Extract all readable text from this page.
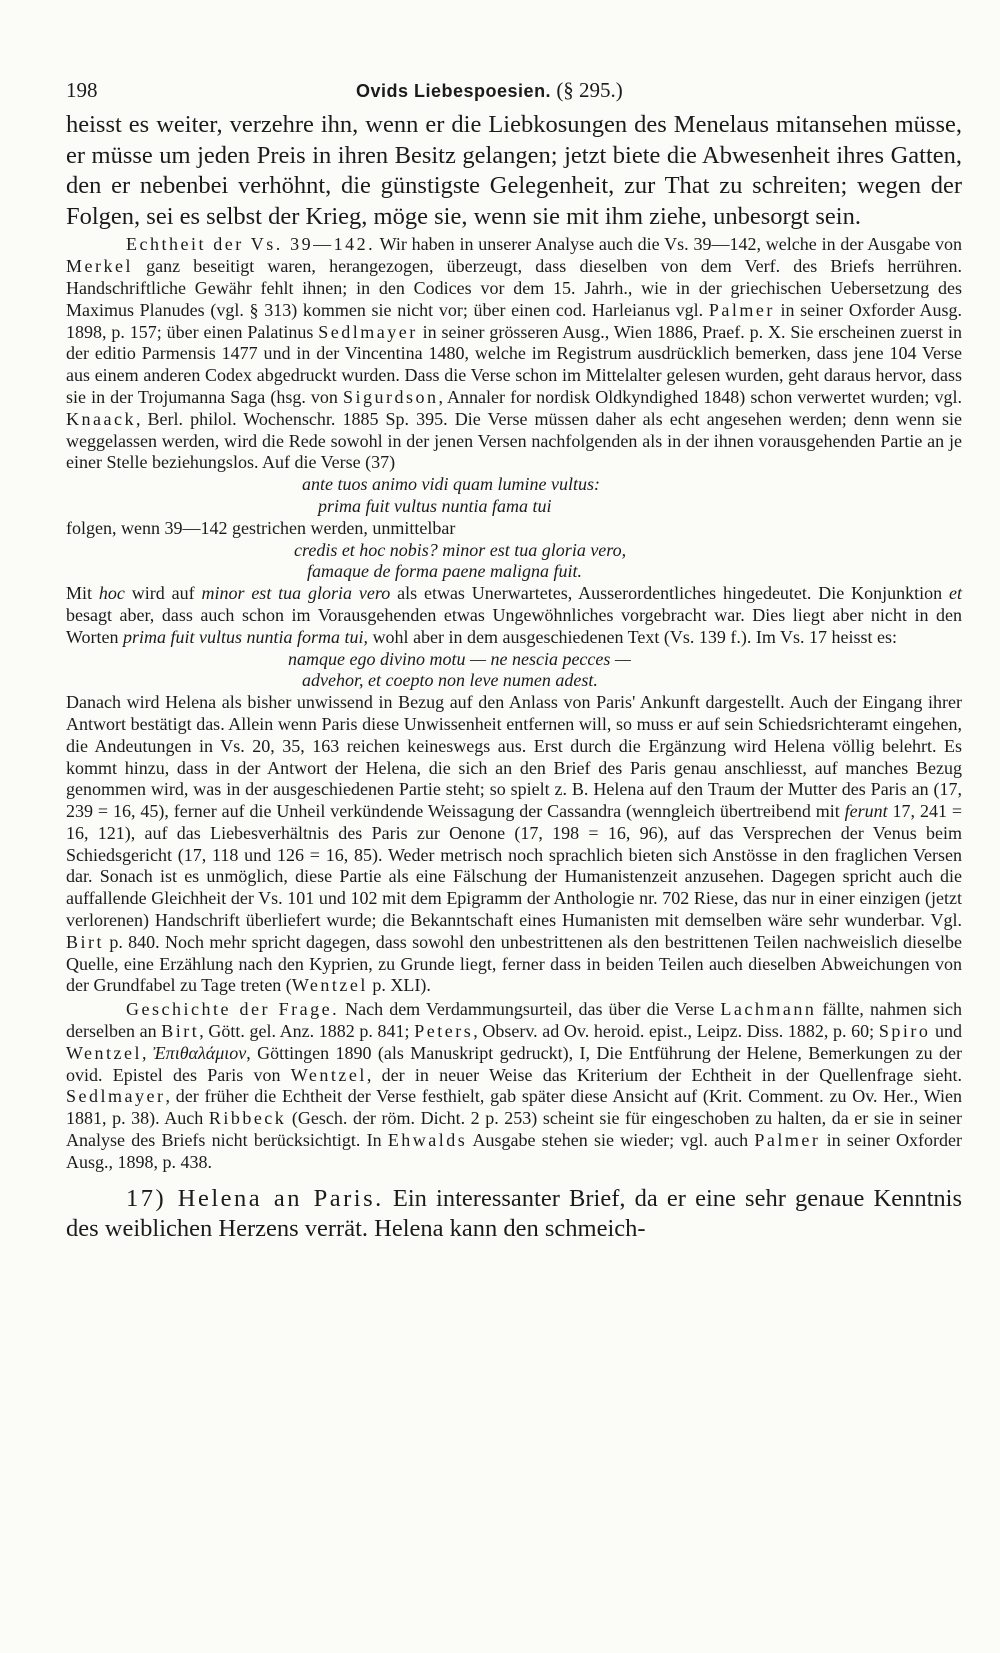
198	Ovids Liebespoesien. (§ 295.)

heisst es weiter, verzehre ihn, wenn er die Liebkosungen des Menelaus mitansehen müsse, er müsse um jeden Preis in ihren Besitz gelangen; jetzt biete die Abwesenheit ihres Gatten, den er nebenbei verhöhnt, die günstigste Gelegenheit, zur That zu schreiten; wegen der Folgen, sei es selbst der Krieg, möge sie, wenn sie mit ihm ziehe, unbesorgt sein.

Echtheit der Vs. 39—142. Wir haben in unserer Analyse auch die Vs. 39—142, welche in der Ausgabe von Merkel ganz beseitigt waren, herangezogen, überzeugt, dass dieselben von dem Verf. des Briefs herrühren. Handschriftliche Gewähr fehlt ihnen; in den Codices vor dem 15. Jahrh., wie in der griechischen Uebersetzung des Maximus Planudes (vgl. § 313) kommen sie nicht vor; über einen cod. Harleianus vgl. Palmer in seiner Oxforder Ausg. 1898, p. 157; über einen Palatinus Sedlmayer in seiner grösseren Ausg., Wien 1886, Praef. p. X. Sie erscheinen zuerst in der editio Parmensis 1477 und in der Vincentina 1480, welche im Registrum ausdrücklich bemerken, dass jene 104 Verse aus einem anderen Codex abgedruckt wurden. Dass die Verse schon im Mittelalter gelesen wurden, geht daraus hervor, dass sie in der Trojumanna Saga (hsg. von Sigurdson, Annaler for nordisk Oldkyndighed 1848) schon verwertet wurden; vgl. Knaack, Berl. philol. Wochenschr. 1885 Sp. 395. Die Verse müssen daher als echt angesehen werden; denn wenn sie weggelassen werden, wird die Rede sowohl in der jenen Versen nachfolgenden als in der ihnen vorausgehenden Partie an je einer Stelle beziehungslos. Auf die Verse (37)

ante tuos animo vidi quam lumine vultus:

prima fuit vultus nuntia fama tui

folgen, wenn 39—142 gestrichen werden, unmittelbar

credis et hoc nobis? minor est tua gloria vero,

famaque de forma paene maligna fuit.

Mit hoc wird auf minor est tua gloria vero als etwas Unerwartetes, Ausserordentliches hingedeutet. Die Konjunktion et besagt aber, dass auch schon im Vorausgehenden etwas Ungewöhnliches vorgebracht war. Dies liegt aber nicht in den Worten prima fuit vultus nuntia forma tui, wohl aber in dem ausgeschiedenen Text (Vs. 139 f.). Im Vs. 17 heisst es:

namque ego divino motu — ne nescia pecces —

advehor, et coepto non leve numen adest.

Danach wird Helena als bisher unwissend in Bezug auf den Anlass von Paris' Ankunft dargestellt. Auch der Eingang ihrer Antwort bestätigt das. Allein wenn Paris diese Unwissenheit entfernen will, so muss er auf sein Schiedsrichteramt eingehen, die Andeutungen in Vs. 20, 35, 163 reichen keineswegs aus. Erst durch die Ergänzung wird Helena völlig belehrt. Es kommt hinzu, dass in der Antwort der Helena, die sich an den Brief des Paris genau anschliesst, auf manches Bezug genommen wird, was in der ausgeschiedenen Partie steht; so spielt z. B. Helena auf den Traum der Mutter des Paris an (17, 239 = 16, 45), ferner auf die Unheil verkündende Weissagung der Cassandra (wenngleich übertreibend mit ferunt 17, 241 = 16, 121), auf das Liebesverhältnis des Paris zur Oenone (17, 198 = 16, 96), auf das Versprechen der Venus beim Schiedsgericht (17, 118 und 126 = 16, 85). Weder metrisch noch sprachlich bieten sich Anstösse in den fraglichen Versen dar. Sonach ist es unmöglich, diese Partie als eine Fälschung der Humanistenzeit anzusehen. Dagegen spricht auch die auffallende Gleichheit der Vs. 101 und 102 mit dem Epigramm der Anthologie nr. 702 Riese, das nur in einer einzigen (jetzt verlorenen) Handschrift überliefert wurde; die Bekanntschaft eines Humanisten mit demselben wäre sehr wunderbar. Vgl. Birt p. 840. Noch mehr spricht dagegen, dass sowohl den unbestrittenen als den bestrittenen Teilen nachweislich dieselbe Quelle, eine Erzählung nach den Kyprien, zu Grunde liegt, ferner dass in beiden Teilen auch dieselben Abweichungen von der Grundfabel zu Tage treten (Wentzel p. XLI).

Geschichte der Frage. Nach dem Verdammungsurteil, das über die Verse Lachmann fällte, nahmen sich derselben an Birt, Gött. gel. Anz. 1882 p. 841; Peters, Observ. ad Ov. heroid. epist., Leipz. Diss. 1882, p. 60; Spiro und Wentzel, Ἐπιθαλάμιον, Göttingen 1890 (als Manuskript gedruckt), I, Die Entführung der Helene, Bemerkungen zu der ovid. Epistel des Paris von Wentzel, der in neuer Weise das Kriterium der Echtheit in der Quellenfrage sieht. Sedlmayer, der früher die Echtheit der Verse festhielt, gab später diese Ansicht auf (Krit. Comment. zu Ov. Her., Wien 1881, p. 38). Auch Ribbeck (Gesch. der röm. Dicht. 2 p. 253) scheint sie für eingeschoben zu halten, da er sie in seiner Analyse des Briefs nicht berücksichtigt. In Ehwalds Ausgabe stehen sie wieder; vgl. auch Palmer in seiner Oxforder Ausg., 1898, p. 438.

17) Helena an Paris. Ein interessanter Brief, da er eine sehr genaue Kenntnis des weiblichen Herzens verrät. Helena kann den schmeich-
